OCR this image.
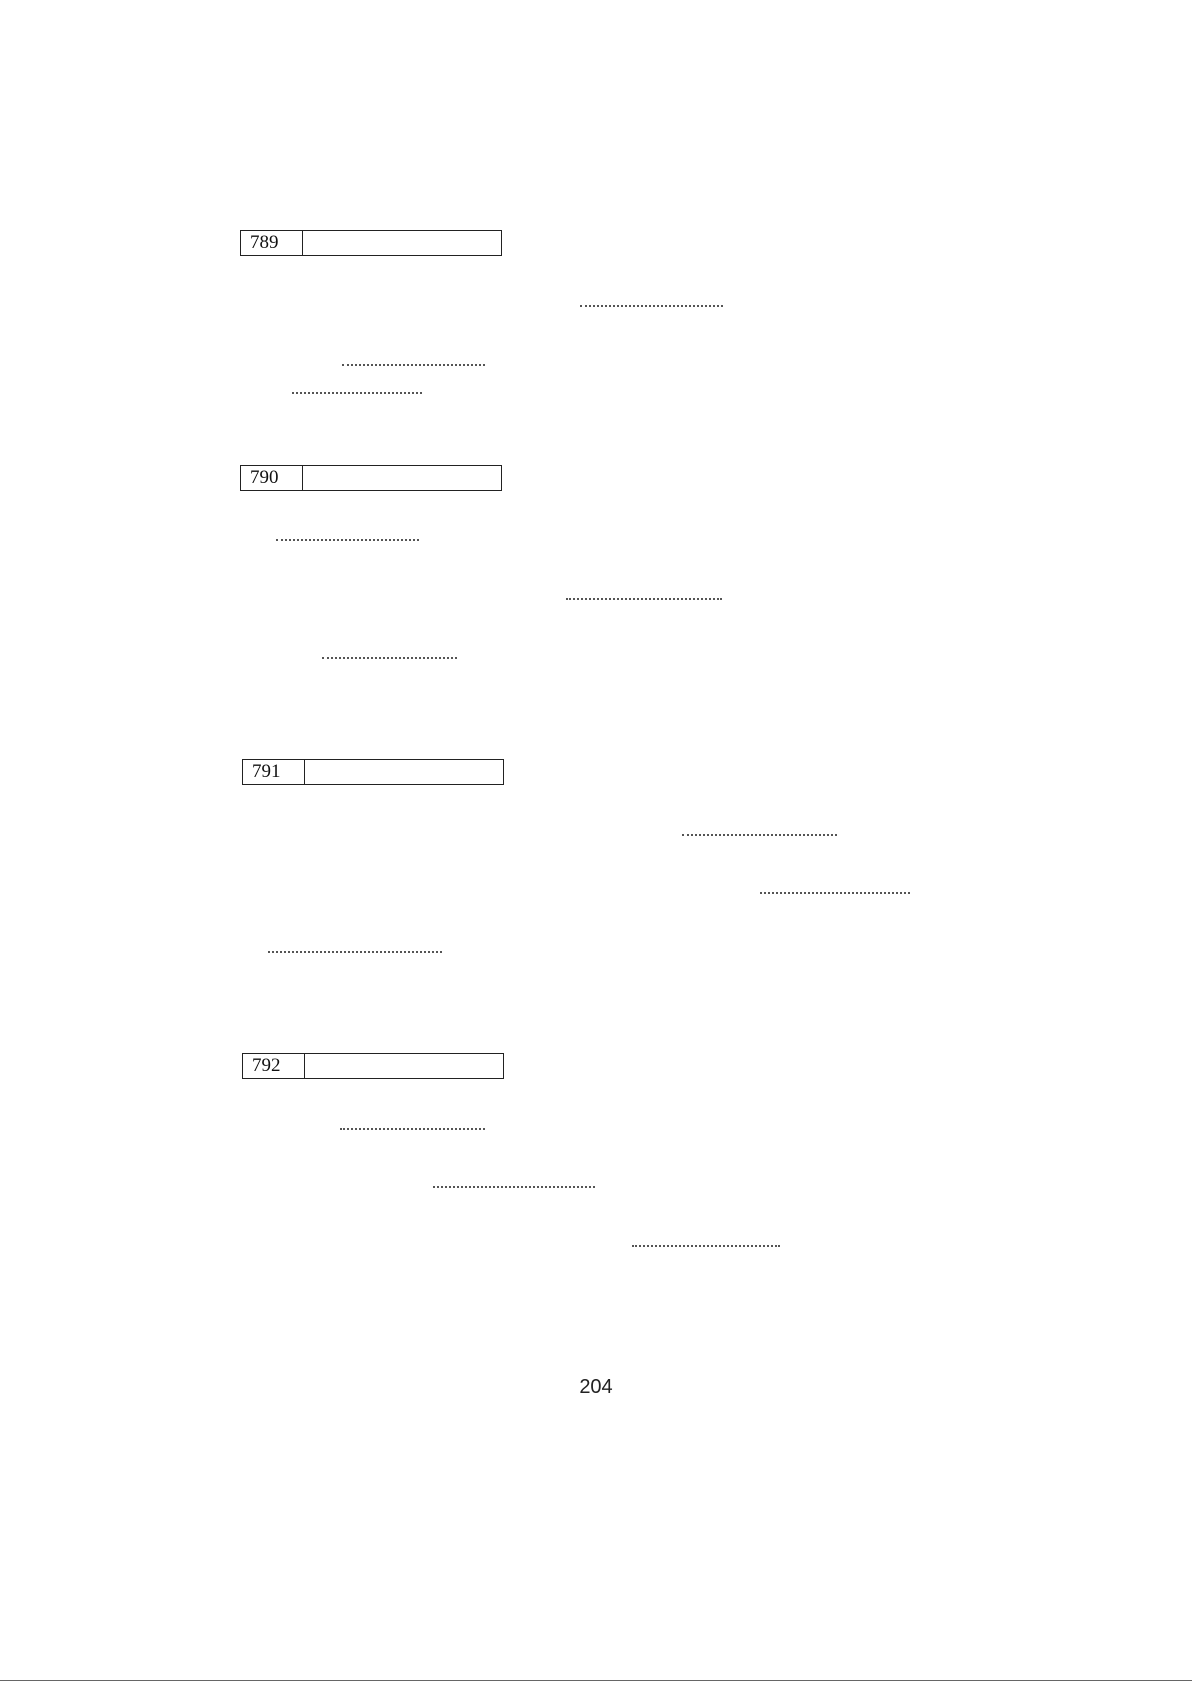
789
790
791
792
204
